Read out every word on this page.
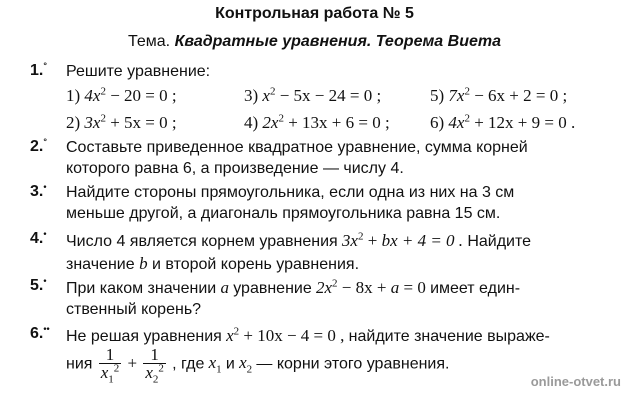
Контрольная работа № 5
Тема. Квадратные уравнения. Теорема Виета
1.° Решите уравнение:
1) $4x^2 - 20 = 0$ ;	3) $x^2 - 5x - 24 = 0$ ;	5) $7x^2 - 6x + 2 = 0$ ;
2) $3x^2 + 5x = 0$ ;	4) $2x^2 + 13x + 6 = 0$ ; 6) $4x^2 + 12x + 9 = 0$ .
2.° Составьте приведенное квадратное уравнение, сумма корней
которого равна 6, а произведение — числу 4.
3.• Найдите стороны прямоугольника, если одна из них на 3 см
меньше другой, а диагональ прямоугольника равна 15 см.
4.• Число 4 является корнем уравнения $3x^2$ + bx + 4 = 0 . Найдите
значение b и второй корень уравнения.
5.• При каком значении a уравнение $2x^2 - 8x + a = 0$ имеет един-
ственный корень?
6.•• Не решая уравнения $x^2 + 10x - 4 = 0$ , найдите значение выраже-
ния $\frac{1}{x_1^2} + \frac{1}{x_2^2}$ , где $x_1$ и $x_2$ — корни этого уравнения.
online-otvet.ru
